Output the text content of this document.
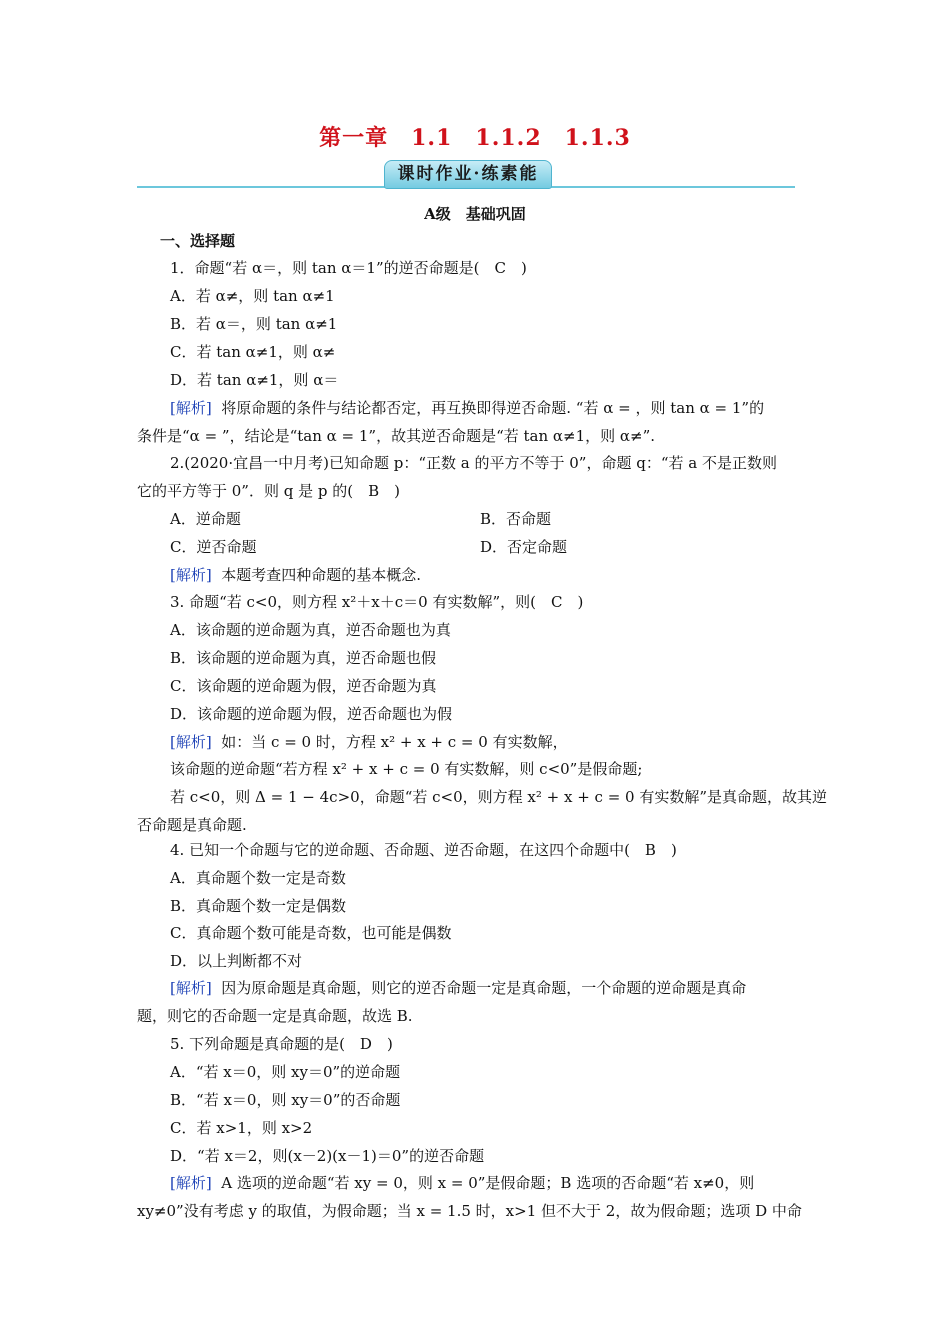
第一章　1.1　1.1.2　1.1.3
课时作业·练素能
A级　基础巩固
一、选择题
1．命题“若 α＝，则 tan α＝1”的逆否命题是(　C　)
A．若 α≠，则 tan α≠1
B．若 α＝，则 tan α≠1
C．若 tan α≠1，则 α≠
D．若 tan α≠1，则 α＝
[解析] 将原命题的条件与结论都否定，再互换即得逆否命题. “若 α = ，则 tan α = 1”的
条件是“α = ”，结论是“tan α = 1”，故其逆否命题是“若 tan α≠1，则 α≠”.
2.(2020·宜昌一中月考)已知命题 p：“正数 a 的平方不等于 0”，命题 q：“若 a 不是正数则
它的平方等于 0”．则 q 是 p 的(　B　)
A．逆命题	B．否命题
C．逆否命题	D．否定命题
[解析] 本题考查四种命题的基本概念.
3. 命题“若 c<0，则方程 x²＋x＋c＝0 有实数解”，则(　C　)
A．该命题的逆命题为真，逆否命题也为真
B．该命题的逆命题为真，逆否命题也假
C．该命题的逆命题为假，逆否命题为真
D．该命题的逆命题为假，逆否命题也为假
[解析] 如：当 c = 0 时，方程 x² + x + c = 0 有实数解，
该命题的逆命题“若方程 x² + x + c = 0 有实数解，则 c<0”是假命题;
若 c<0，则 Δ = 1 − 4c>0，命题“若 c<0，则方程 x² + x + c = 0 有实数解”是真命题，故其逆
否命题是真命题.
4. 已知一个命题与它的逆命题、否命题、逆否命题，在这四个命题中(　B　)
A．真命题个数一定是奇数
B．真命题个数一定是偶数
C．真命题个数可能是奇数，也可能是偶数
D．以上判断都不对
[解析] 因为原命题是真命题，则它的逆否命题一定是真命题，一个命题的逆命题是真命
题，则它的否命题一定是真命题，故选 B.
5. 下列命题是真命题的是(　D　)
A．“若 x＝0，则 xy＝0”的逆命题
B．“若 x＝0，则 xy＝0”的否命题
C．若 x>1，则 x>2
D．“若 x＝2，则(x－2)(x－1)＝0”的逆否命题
[解析] A 选项的逆命题“若 xy = 0，则 x = 0”是假命题；B 选项的否命题“若 x≠0，则
xy≠0”没有考虑 y 的取值，为假命题；当 x = 1.5 时，x>1 但不大于 2，故为假命题；选项 D 中命
